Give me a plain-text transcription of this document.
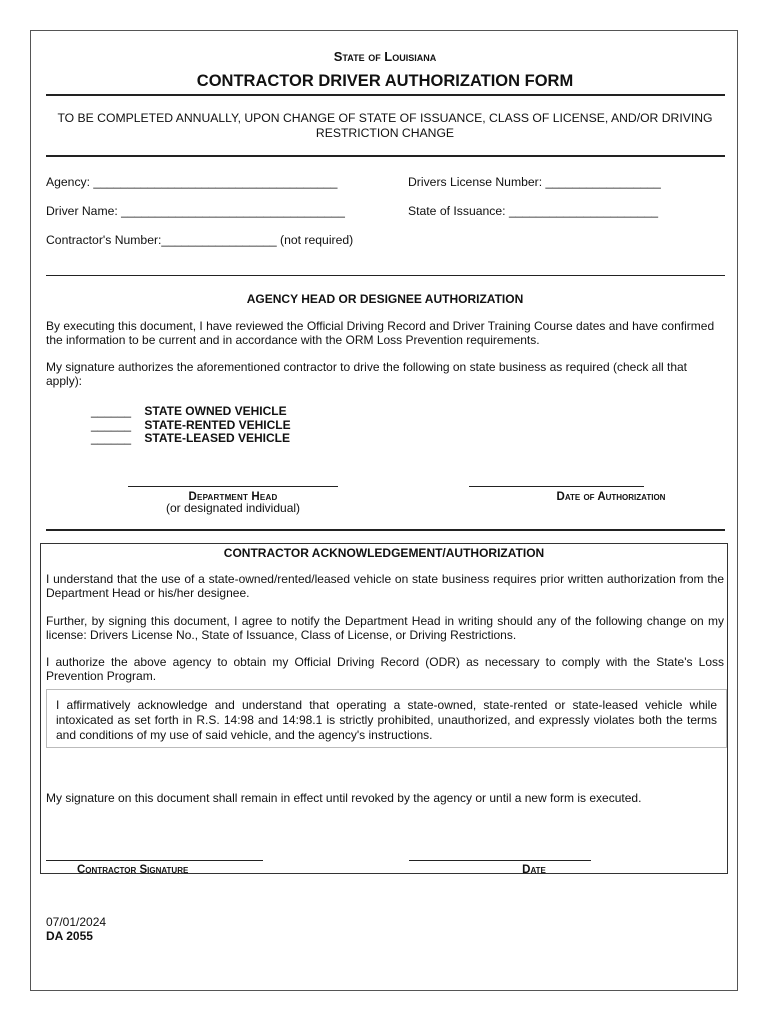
State of Louisiana
CONTRACTOR DRIVER AUTHORIZATION FORM
TO BE COMPLETED ANNUALLY, UPON CHANGE OF STATE OF ISSUANCE, CLASS OF LICENSE, AND/OR DRIVING RESTRICTION CHANGE
Agency: ____________________________________	Drivers License Number: _________________
Driver Name: _________________________________	State of Issuance: ______________________
Contractor's Number:_________________ (not required)
AGENCY HEAD OR DESIGNEE AUTHORIZATION
By executing this document, I have reviewed the Official Driving Record and Driver Training Course dates and have confirmed the information to be current and in accordance with the ORM Loss Prevention requirements.
My signature authorizes the aforementioned contractor to drive the following on state business as required (check all that apply):
______ STATE OWNED VEHICLE
______ STATE-RENTED VEHICLE
______ STATE-LEASED VEHICLE
Department Head
(or designated individual)
Date of Authorization
CONTRACTOR ACKNOWLEDGEMENT/AUTHORIZATION
I understand that the use of a state-owned/rented/leased vehicle on state business requires prior written authorization from the Department Head or his/her designee.
Further, by signing this document, I agree to notify the Department Head in writing should any of the following change on my license: Drivers License No., State of Issuance, Class of License, or Driving Restrictions.
I authorize the above agency to obtain my Official Driving Record (ODR) as necessary to comply with the State's Loss Prevention Program.
I affirmatively acknowledge and understand that operating a state-owned, state-rented or state-leased vehicle while intoxicated as set forth in R.S. 14:98 and 14:98.1 is strictly prohibited, unauthorized, and expressly violates both the terms and conditions of my use of said vehicle, and the agency's instructions.
My signature on this document shall remain in effect until revoked by the agency or until a new form is executed.
Contractor Signature	Date
07/01/2024
DA 2055
